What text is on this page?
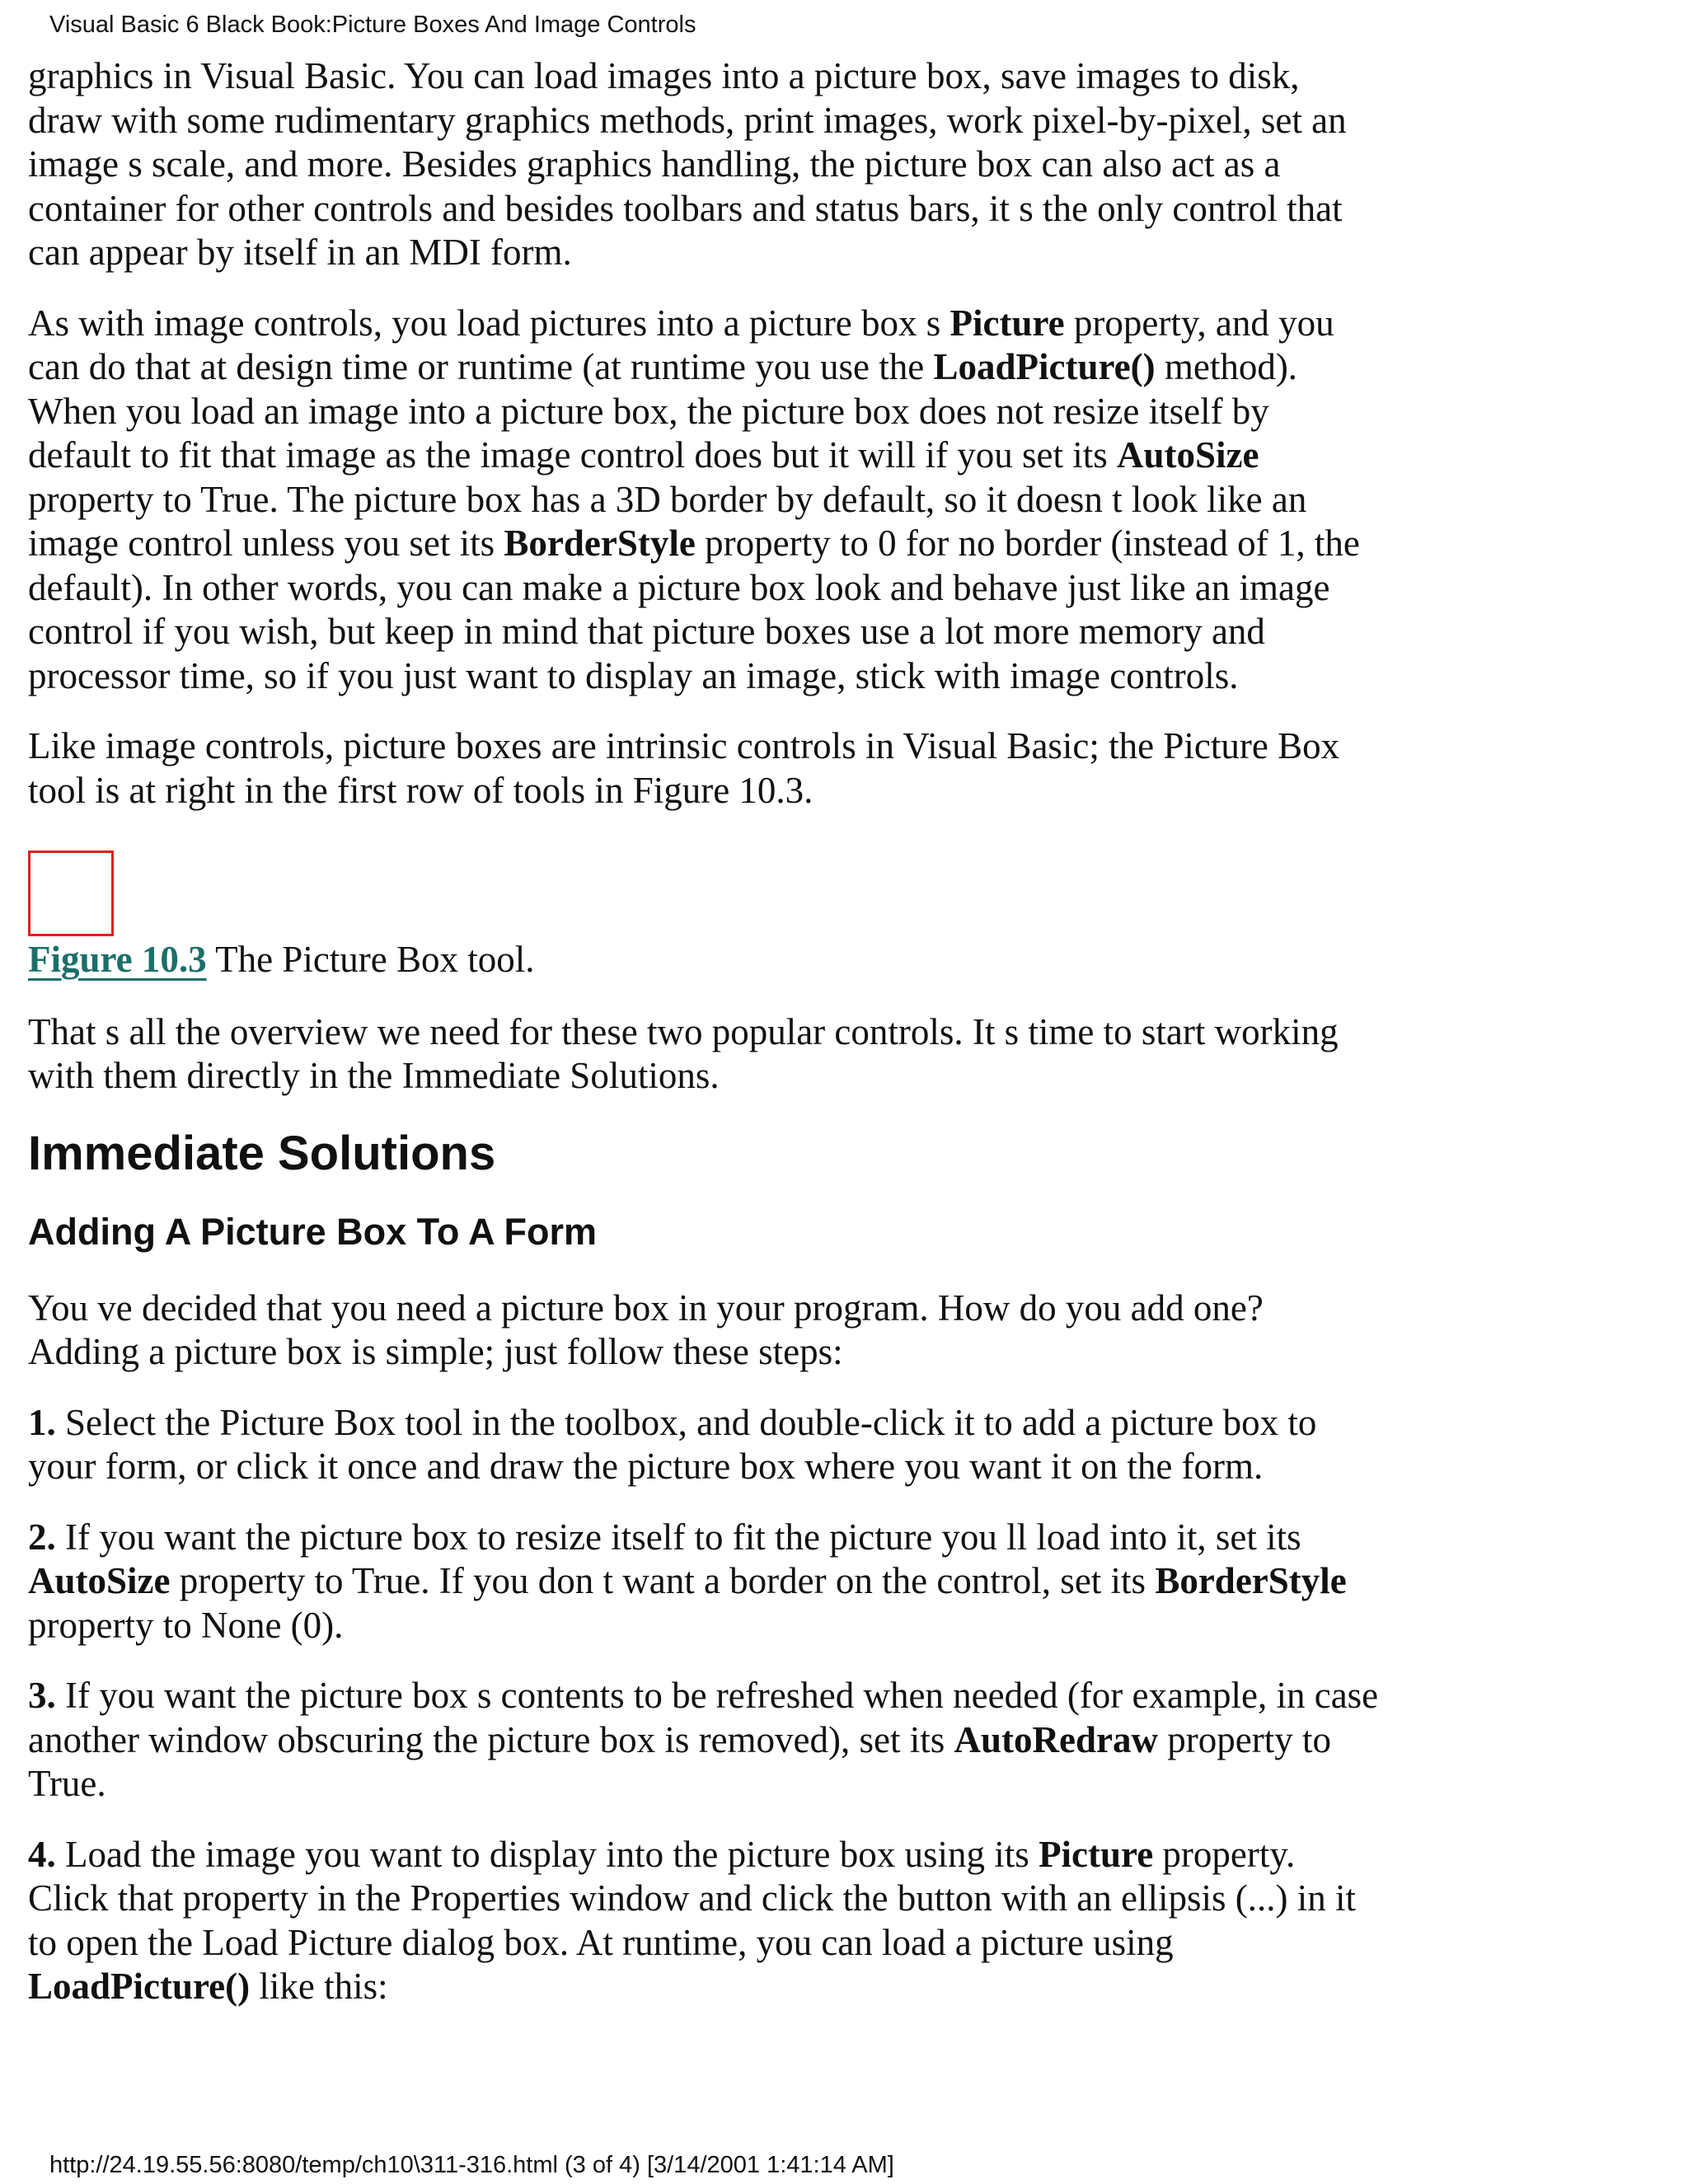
Visual Basic 6 Black Book:Picture Boxes And Image Controls

graphics in Visual Basic. You can load images into a picture box, save images to disk, draw with some rudimentary graphics methods, print images, work pixel-by-pixel, set an image s scale, and more. Besides graphics handling, the picture box can also act as a container for other controls and besides toolbars and status bars, it s the only control that can appear by itself in an MDI form.

As with image controls, you load pictures into a picture box s Picture property, and you can do that at design time or runtime (at runtime you use the LoadPicture() method). When you load an image into a picture box, the picture box does not resize itself by default to fit that image as the image control does but it will if you set its AutoSize property to True. The picture box has a 3D border by default, so it doesn t look like an image control unless you set its BorderStyle property to 0 for no border (instead of 1, the default). In other words, you can make a picture box look and behave just like an image control if you wish, but keep in mind that picture boxes use a lot more memory and processor time, so if you just want to display an image, stick with image controls.

Like image controls, picture boxes are intrinsic controls in Visual Basic; the Picture Box tool is at right in the first row of tools in Figure 10.3.

Figure 10.3 The Picture Box tool.

That s all the overview we need for these two popular controls. It s time to start working with them directly in the Immediate Solutions.

Immediate Solutions
Adding A Picture Box To A Form

You ve decided that you need a picture box in your program. How do you add one? Adding a picture box is simple; just follow these steps:

1. Select the Picture Box tool in the toolbox, and double-click it to add a picture box to your form, or click it once and draw the picture box where you want it on the form.

2. If you want the picture box to resize itself to fit the picture you ll load into it, set its AutoSize property to True. If you don t want a border on the control, set its BorderStyle property to None (0).

3. If you want the picture box s contents to be refreshed when needed (for example, in case another window obscuring the picture box is removed), set its AutoRedraw property to True.

4. Load the image you want to display into the picture box using its Picture property. Click that property in the Properties window and click the button with an ellipsis (...) in it to open the Load Picture dialog box. At runtime, you can load a picture using LoadPicture() like this:

http://24.19.55.56:8080/temp/ch10\311-316.html (3 of 4) [3/14/2001 1:41:14 AM]
